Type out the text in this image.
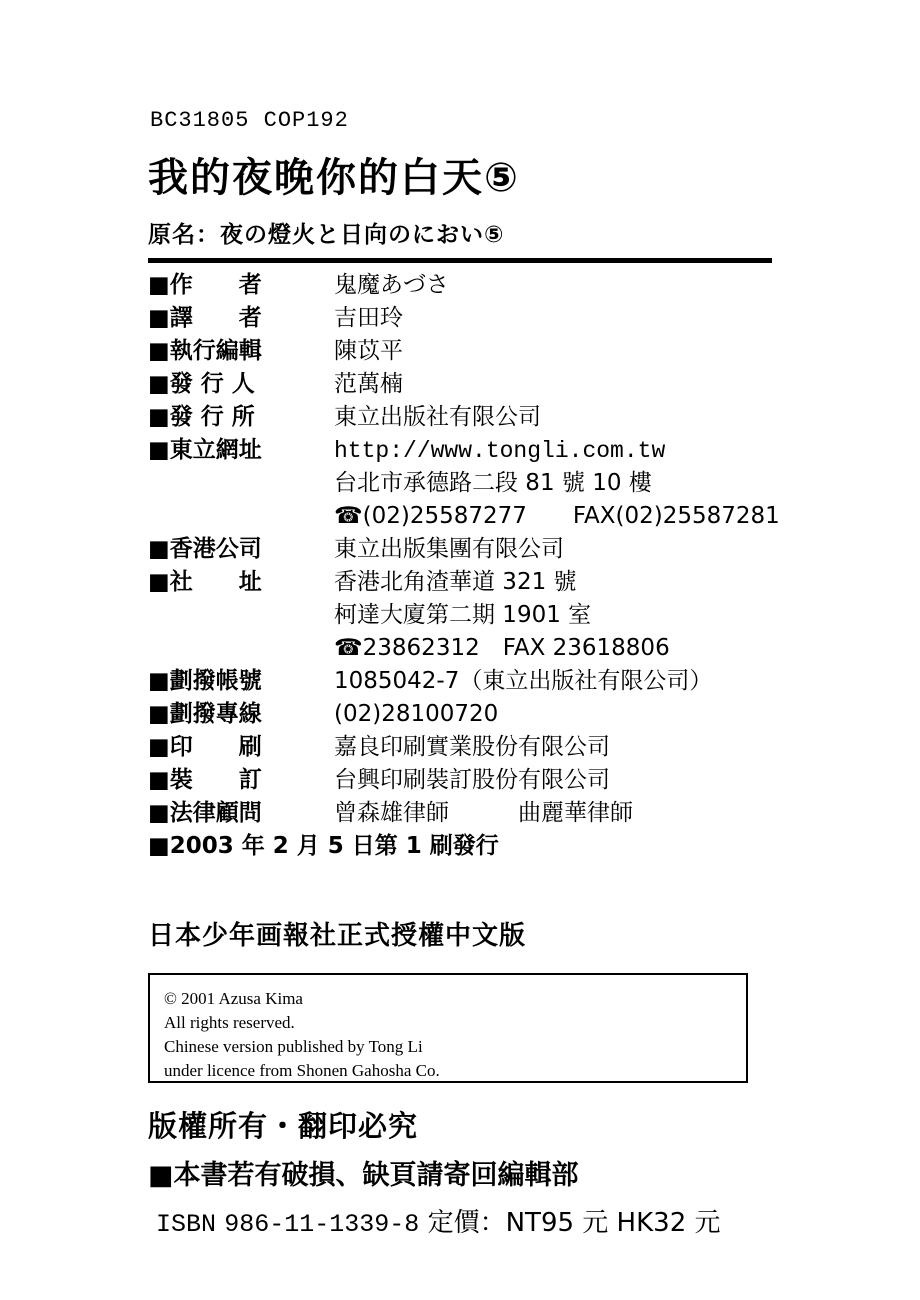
BC31805 COP192
我的夜晚你的白天⑤
原名：夜の燈火と日向のにおい⑤
■作　　者	鬼魔あづさ
■譯　　者	吉田玲
■執行編輯	陳苡平
■發 行 人	范萬楠
■發 行 所	東立出版社有限公司
■東立網址	http://www.tongli.com.tw
台北市承德路二段 81 號 10 樓
☎(02)25587277　　FAX(02)25587281
■香港公司	東立出版集團有限公司
■社　　址	香港北角渣華道 321 號
柯達大廈第二期 1901 室
☎23862312　FAX 23618806
■劃撥帳號	1085042-7（東立出版社有限公司）
■劃撥專線	(02)28100720
■印　　刷	嘉良印刷實業股份有限公司
■裝　　訂	台興印刷裝訂股份有限公司
■法律顧問	曾森雄律師　　　曲麗華律師
■2003 年 2 月 5 日第 1 刷發行
日本少年画報社正式授權中文版
© 2001 Azusa Kima
All rights reserved.
Chinese version published by Tong Li
under licence from Shonen Gahosha Co.
版權所有・翻印必究
■本書若有破損、缺頁請寄回編輯部
ISBN 986-11-1339-8 定價：NT95 元 HK32 元
